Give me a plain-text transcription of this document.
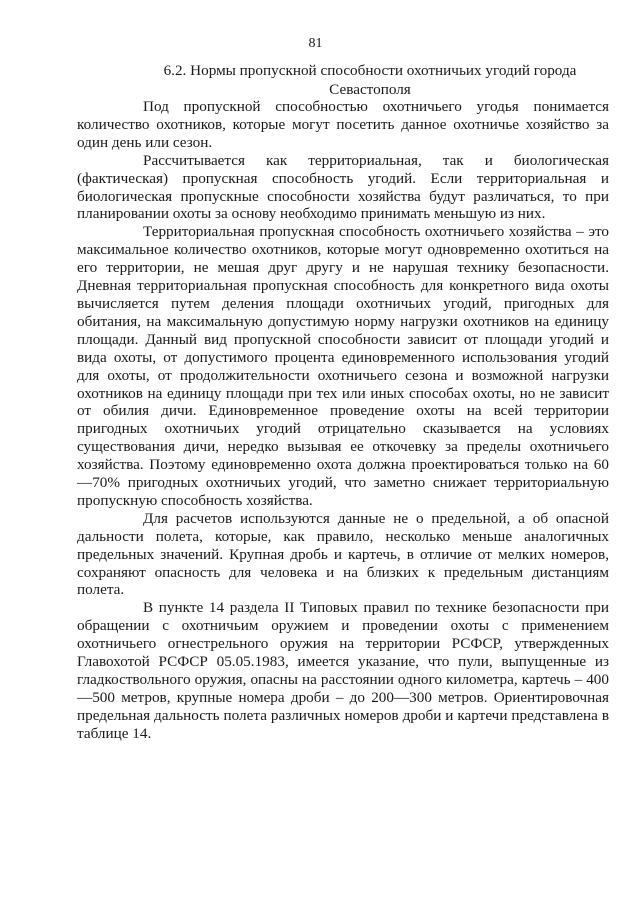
81
6.2. Нормы пропускной способности охотничьих угодий города Севастополя

Под пропускной способностью охотничьего угодья понимается количество охотников, которые могут посетить данное охотничье хозяйство за один день или сезон.

Рассчитывается как территориальная, так и биологическая (фактическая) пропускная способность угодий. Если территориальная и биологическая пропускные способности хозяйства будут различаться, то при планировании охоты за основу необходимо принимать меньшую из них.

Территориальная пропускная способность охотничьего хозяйства – это максимальное количество охотников, которые могут одновременно охотиться на его территории, не мешая друг другу и не нарушая технику безопасности. Дневная территориальная пропускная способность для конкретного вида охоты вычисляется путем деления площади охотничьих угодий, пригодных для обитания, на максимальную допустимую норму нагрузки охотников на единицу площади. Данный вид пропускной способности зависит от площади угодий и вида охоты, от допустимого процента единовременного использования угодий для охоты, от продолжительности охотничьего сезона и возможной нагрузки охотников на единицу площади при тех или иных способах охоты, но не зависит от обилия дичи. Единовременное проведение охоты на всей территории пригодных охотничьих угодий отрицательно сказывается на условиях существования дичи, нередко вызывая ее откочевку за пределы охотничьего хозяйства. Поэтому единовременно охота должна проектироваться только на 60—70% пригодных охотничьих угодий, что заметно снижает территориальную пропускную способность хозяйства.

Для расчетов используются данные не о предельной, а об опасной дальности полета, которые, как правило, несколько меньше аналогичных предельных значений. Крупная дробь и картечь, в отличие от мелких номеров, сохраняют опасность для человека и на близких к предельным дистанциям полета.

В пункте 14 раздела II Типовых правил по технике безопасности при обращении с охотничьим оружием и проведении охоты с применением охотничьего огнестрельного оружия на территории РСФСР, утвержденных Главохотой РСФСР 05.05.1983, имеется указание, что пули, выпущенные из гладкоствольного оружия, опасны на расстоянии одного километра, картечь – 400—500 метров, крупные номера дроби – до 200—300 метров. Ориентировочная предельная дальность полета различных номеров дроби и картечи представлена в таблице 14.
